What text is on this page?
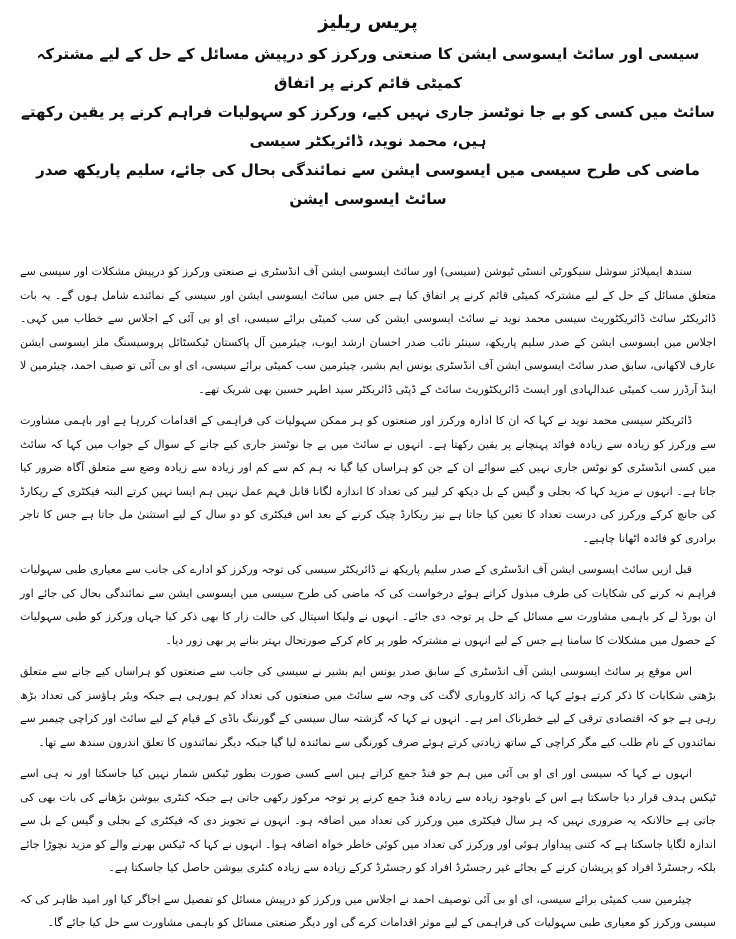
پریس ریلیز

سیسی اور سائٹ ایسوسی ایشن کا صنعتی ورکرز کو درپیش مسائل کے حل کے لیے مشترکہ کمیٹی قائم کرنے پر اتفاق

سائٹ میں کسی کو بے جا نوٹسز جاری نہیں کیے، ورکرز کو سہولیات فراہم کرنے پر یقین رکھتے ہیں، محمد نوید، ڈائریکٹر سیسی

ماضی کی طرح سیسی میں ایسوسی ایشن سے نمائندگی بحال کی جائے، سلیم پاریکھ صدر سائٹ ایسوسی ایشن

سندھ ایمپلائز سوشل سیکورٹی انسٹی ٹیوشن (سیسی) اور سائٹ ایسوسی ایشن آف انڈسٹری نے صنعتی ورکرز کو درپیش مشکلات اور سیسی سے متعلق مسائل کے حل کے لیے مشترکہ کمیٹی قائم کرنے پر اتفاق کیا ہے جس میں سائٹ ایسوسی ایشن اور سیسی کے نمائندے شامل ہوں گے۔ یہ بات ڈائریکٹر سائٹ ڈائریکٹوریٹ سیسی محمد نوید نے سائٹ ایسوسی ایشن کی سب کمیٹی برائے سیسی، ای او بی آئی کے اجلاس سے خطاب میں کہی۔ اجلاس میں ایسوسی ایشن کے صدر سلیم پاریکھ، سینئر نائب صدر احسان ارشد ایوب، چیئرمین آل پاکستان ٹیکسٹائل پروسیسنگ ملز ایسوسی ایشن عارف لاکھانی، سابق صدر سائٹ ایسوسی ایشن آف انڈسٹری یونس ایم بشیر، چیئرمین سب کمیٹی برائے سیسی، ای او بی آئی تو صیف احمد، چیئرمین لا اینڈ آرڈرز سب کمیٹی عبدالہادی اور ایسٹ ڈائریکٹوریٹ سائٹ کے ڈپٹی ڈائریکٹر سید اطہر حسین بھی شریک تھے۔

ڈائریکٹر سیسی محمد نوید نے کہا کہ ان کا ادارہ ورکرز اور صنعتوں کو ہر ممکن سہولیات کی فراہمی کے اقدامات کررہا ہے اور باہمی مشاورت سے ورکرز کو زیادہ سے زیادہ فوائد پہنچانے پر یقین رکھتا ہے۔ انہوں نے سائٹ میں بے جا نوٹسز جاری کیے جانے کے سوال کے جواب میں کہا کہ سائٹ میں کسی انڈسٹری کو نوٹس جاری نہیں کیے سوائے ان کے جن کو ہراساں کیا گیا نہ ہم کم سے کم اور زیادہ سے زیادہ وضع سے متعلق آگاہ ضرور کیا جاتا ہے۔ انہوں نے مزید کہا کہ بجلی و گیس کے بل دیکھ کر لیبر کی تعداد کا اندازہ لگانا قابل فہم عمل نہیں ہم ایسا نہیں کرتے البتہ فیکٹری کے ریکارڈ کی جانچ کرکے ورکرز کی درست تعداد کا تعین کیا جاتا ہے نیز ریکارڈ چیک کرنے کے بعد اس فیکٹری کو دو سال کے لیے استثنیٰ مل جاتا ہے جس کا تاجر برادری کو فائدہ اٹھانا چاہیے۔

قبل ازیں سائٹ ایسوسی ایشن آف انڈسٹری کے صدر سلیم پاریکھ نے ڈائریکٹر سیسی کی توجہ ورکرز کو ادارے کی جانب سے معیاری طبی سہولیات فراہم نہ کرنے کی شکایات کی طرف مبذول کراتے ہوئے درخواست کی کہ ماضی کی طرح سیسی میں ایسوسی ایشن سے نمائندگی بحال کی جائے اور ان بورڈ لے کر باہمی مشاورت سے مسائل کے حل پر توجہ دی جائے۔ انہوں نے ولیکا اسپتال کی حالت زار کا بھی ذکر کیا جہاں ورکرز کو طبی سہولیات کے حصول میں مشکلات کا سامنا ہے جس کے لیے انہوں نے مشترکہ طور پر کام کرکے صورتحال بہتر بنانے پر بھی زور دیا۔

اس موقع پر سائٹ ایسوسی ایشن آف انڈسٹری کے سابق صدر یونس ایم بشیر نے سیسی کی جانب سے صنعتوں کو ہراساں کیے جانے سے متعلق بڑھتی شکایات کا ذکر کرتے ہوئے کہا کہ زائد کاروباری لاگت کی وجہ سے سائٹ میں صنعتوں کی تعداد کم ہورہی ہے جبکہ ویئر ہاؤسز کی تعداد بڑھ رہی ہے جو کہ اقتصادی ترقی کے لیے خطرناک امر ہے۔ انہوں نے کہا کہ گزشتہ سال سیسی کے گورننگ باڈی کے قیام کے لیے سائٹ اور کراچی چیمبر سے نمائندوں کے نام طلب کیے مگر کراچی کے ساتھ زیادتی کرتے ہوئے صرف کورنگی سے نمائندہ لیا گیا جبکہ دیگر نمائندوں کا تعلق اندرون سندھ سے تھا۔

انہوں نے کہا کہ سیسی اور ای او بی آئی میں ہم جو فنڈ جمع کراتے ہیں اسے کسی صورت بطور ٹیکس شمار نہیں کیا جاسکتا اور نہ ہی اسے ٹیکس ہدف قرار دیا جاسکتا ہے اس کے باوجود زیادہ سے زیادہ فنڈ جمع کرنے پر توجہ مرکوز رکھی جاتی ہے جبکہ کنٹری بیوشن بڑھانے کی بات بھی کی جاتی ہے حالانکہ یہ ضروری نہیں کہ ہر سال فیکٹری میں ورکرز کی تعداد میں اضافہ ہو۔ انہوں نے تجویز دی کہ فیکٹری کے بجلی و گیس کے بل سے اندازہ لگایا جاسکتا ہے کہ کتنی پیداوار ہوئی اور ورکرز کی تعداد میں کوئی خاطر خواہ اضافہ ہوا۔ انہوں نے کہا کہ ٹیکس بھرنے والے کو مزید نچوڑا جائے بلکہ رجسٹرڈ افراد کو پریشان کرنے کے بجائے غیر رجسٹرڈ افراد کو رجسٹرڈ کرکے زیادہ سے زیادہ کنٹری بیوشن حاصل کیا جاسکتا ہے۔

چیئرمین سب کمیٹی برائے سیسی، ای او بی آئی توصیف احمد نے اجلاس میں ورکرز کو درپیش مسائل کو تفصیل سے اجاگر کیا اور امید ظاہر کی کہ سیسی ورکرز کو معیاری طبی سہولیات کی فراہمی کے لیے موثر اقدامات کرے گی اور دیگر صنعتی مسائل کو باہمی مشاورت سے حل کیا جائے گا۔
